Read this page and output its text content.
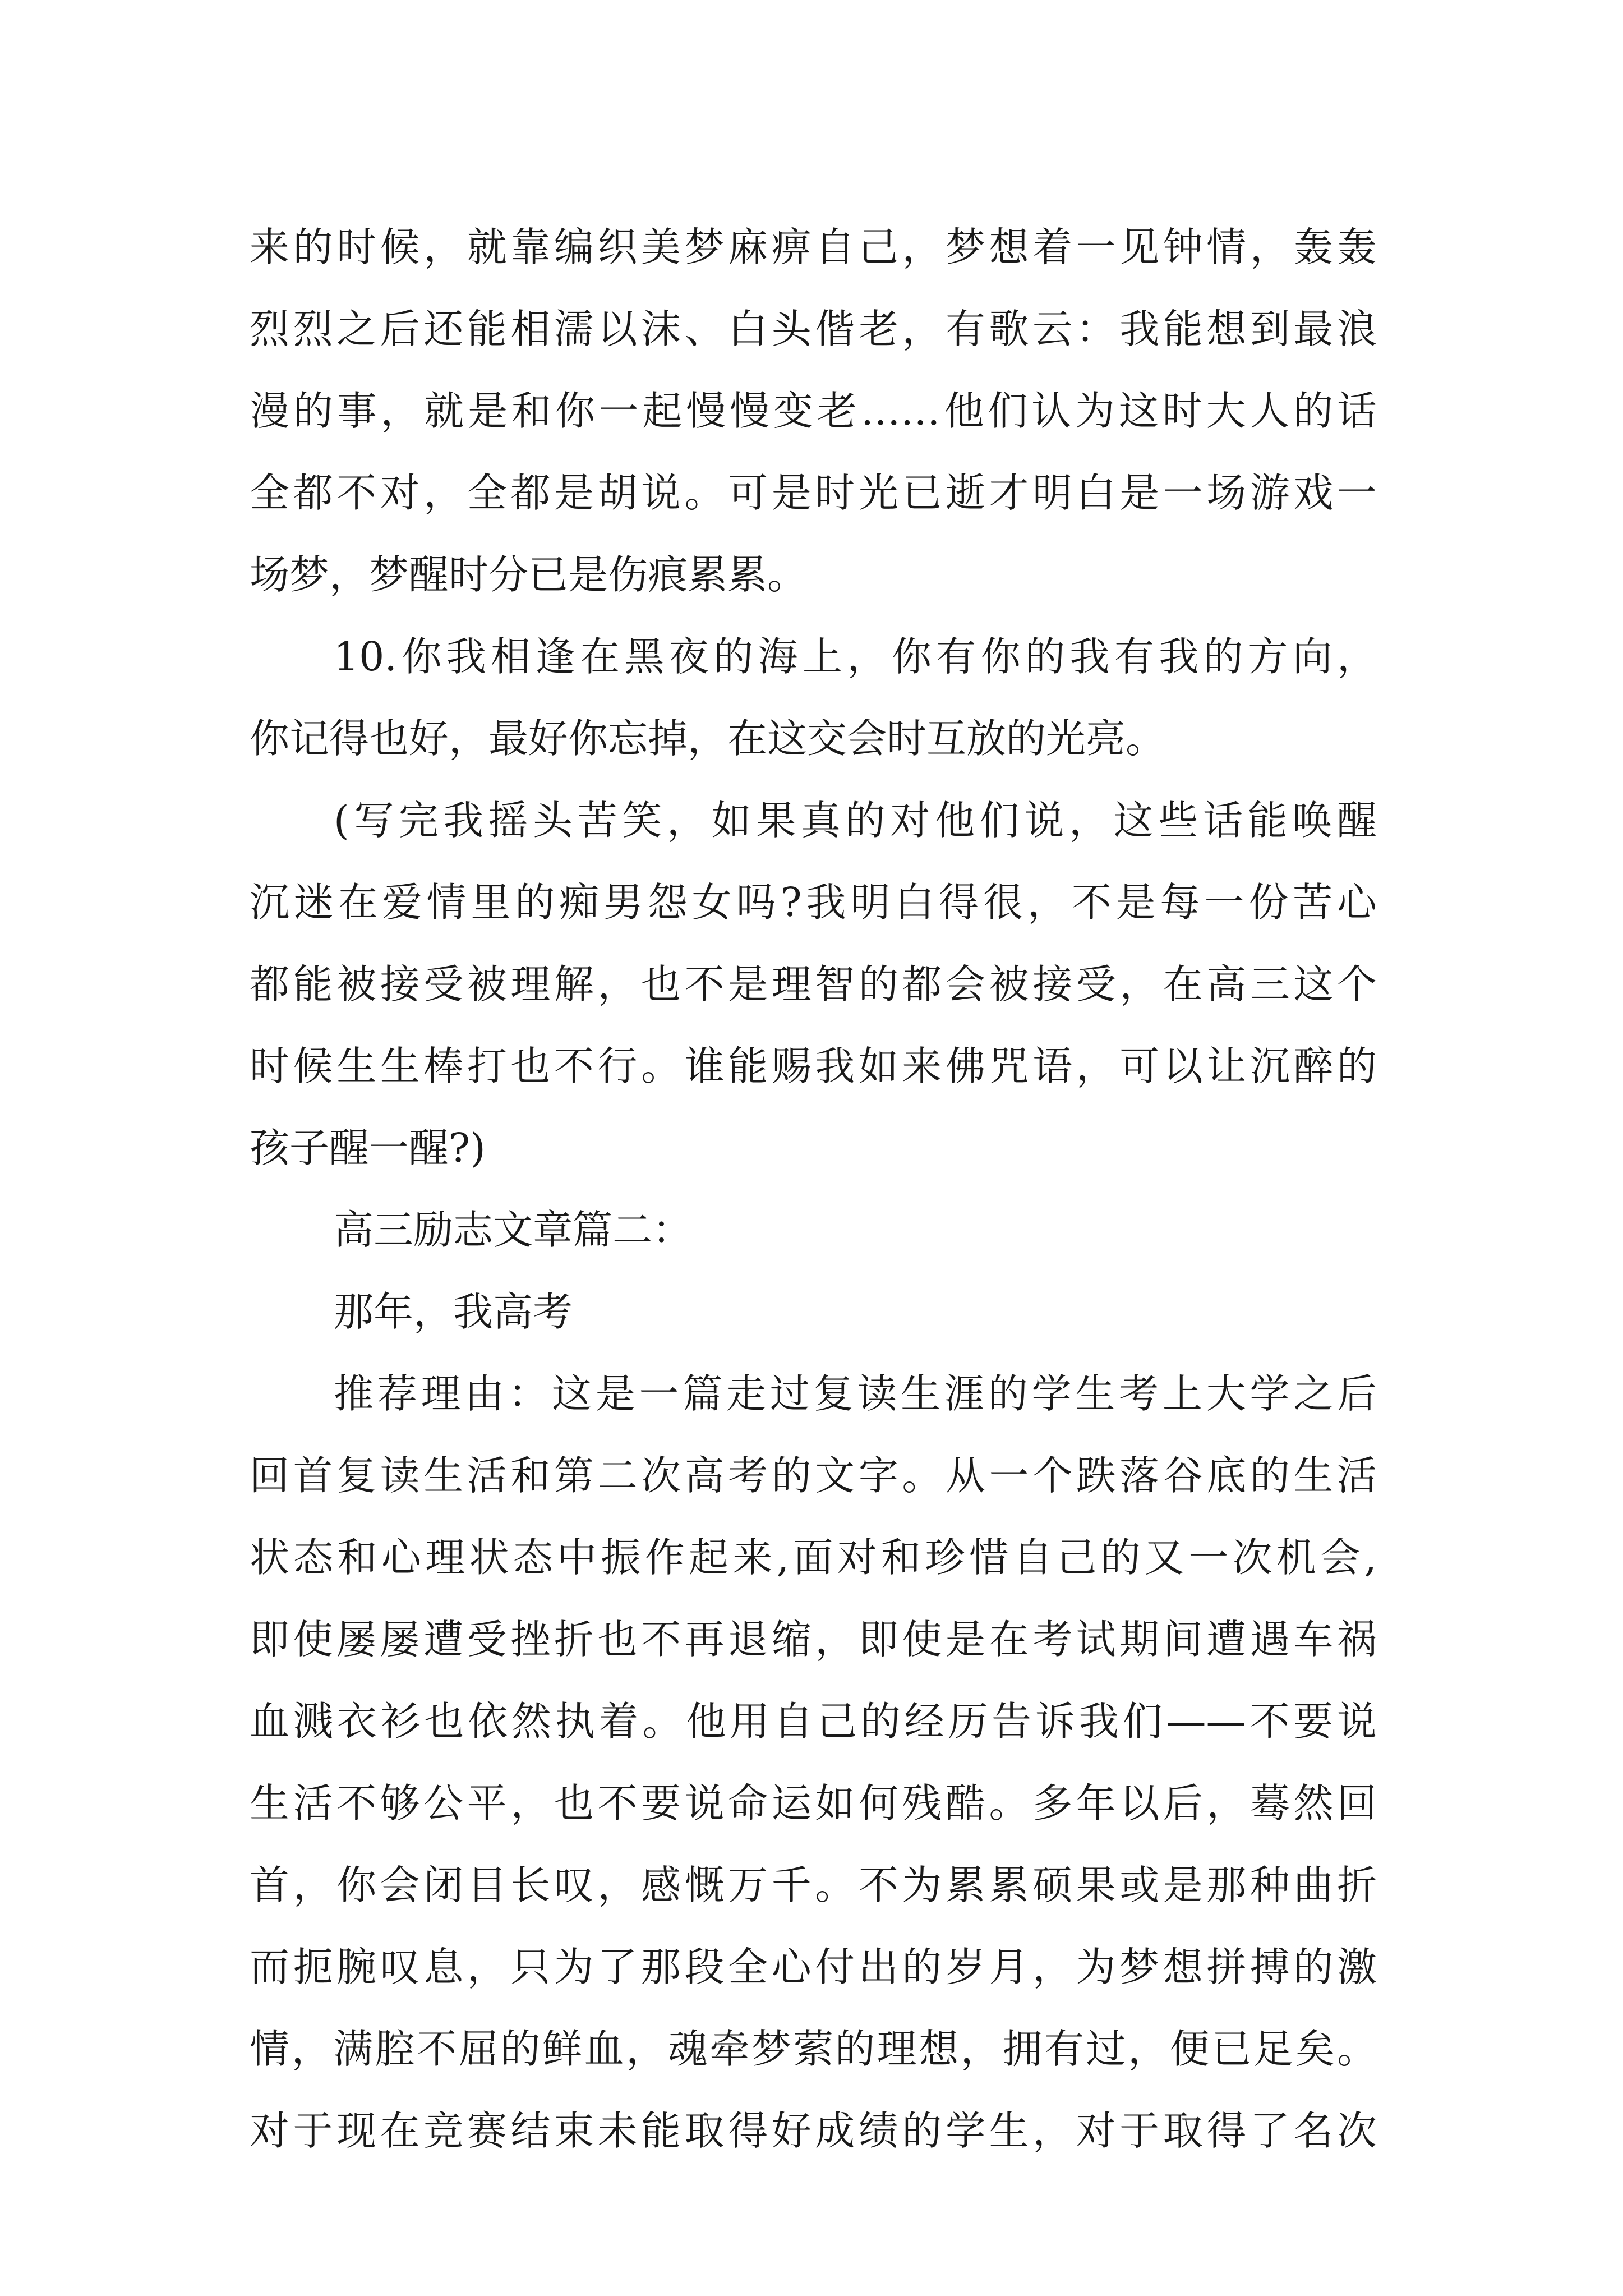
来的时候，就靠编织美梦麻痹自己，梦想着一见钟情，轰轰
烈烈之后还能相濡以沫、白头偕老，有歌云：我能想到最浪
漫的事，就是和你一起慢慢变老……他们认为这时大人的话
全都不对，全都是胡说。可是时光已逝才明白是一场游戏一
场梦，梦醒时分已是伤痕累累。
10.你我相逢在黑夜的海上，你有你的我有我的方向，
你记得也好，最好你忘掉，在这交会时互放的光亮。
(写完我摇头苦笑，如果真的对他们说，这些话能唤醒
沉迷在爱情里的痴男怨女吗?我明白得很，不是每一份苦心
都能被接受被理解，也不是理智的都会被接受，在高三这个
时候生生棒打也不行。谁能赐我如来佛咒语，可以让沉醉的
孩子醒一醒?)
高三励志文章篇二：
那年，我高考
推荐理由：这是一篇走过复读生涯的学生考上大学之后
回首复读生活和第二次高考的文字。从一个跌落谷底的生活
状态和心理状态中振作起来,面对和珍惜自己的又一次机会,
即使屡屡遭受挫折也不再退缩，即使是在考试期间遭遇车祸
血溅衣衫也依然执着。他用自己的经历告诉我们——不要说
生活不够公平，也不要说命运如何残酷。多年以后，蓦然回
首，你会闭目长叹，感慨万千。不为累累硕果或是那种曲折
而扼腕叹息，只为了那段全心付出的岁月，为梦想拼搏的激
情，满腔不屈的鲜血，魂牵梦萦的理想，拥有过，便已足矣。
对于现在竞赛结束未能取得好成绩的学生，对于取得了名次
